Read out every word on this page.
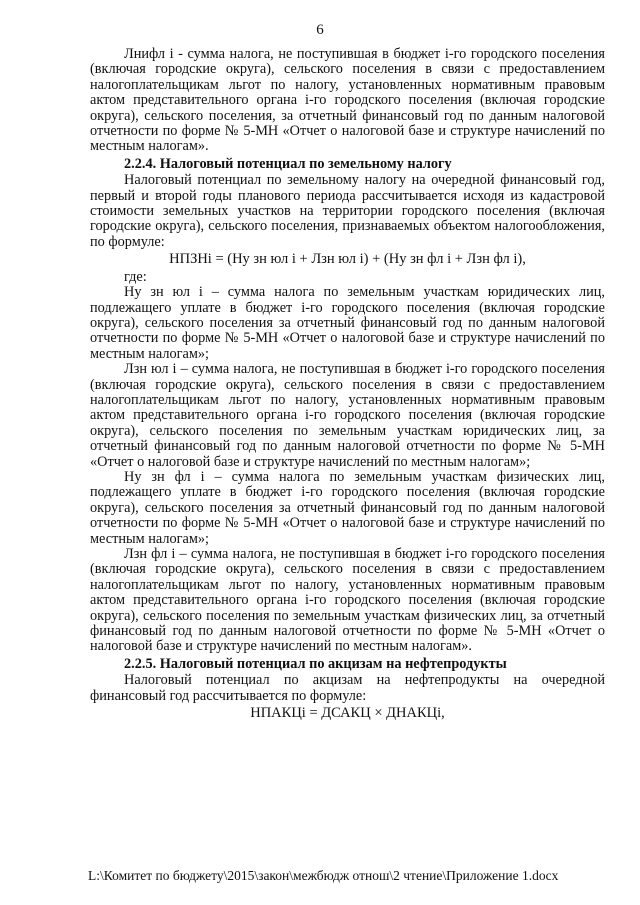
6

Лнифл i - сумма налога, не поступившая в бюджет i-го городского поселения (включая городские округа), сельского поселения в связи с предоставлением налогоплательщикам льгот по налогу, установленных нормативным правовым актом представительного органа i-го городского поселения (включая городские округа), сельского поселения, за отчетный финансовый год по данным налоговой отчетности по форме № 5-МН «Отчет о налоговой базе и структуре начислений по местным налогам».

2.2.4. Налоговый потенциал по земельному налогу

Налоговый потенциал по земельному налогу на очередной финансовый год, первый и второй годы планового периода рассчитывается исходя из кадастровой стоимости земельных участков на территории городского поселения (включая городские округа), сельского поселения, признаваемых объектом налогообложения, по формуле:

НПЗНi = (Ну зн юл i + Лзн юл i) + (Ну зн фл i + Лзн фл i),

где:

Ну зн юл i – сумма налога по земельным участкам юридических лиц, подлежащего уплате в бюджет i-го городского поселения (включая городские округа), сельского поселения за отчетный финансовый год по данным налоговой отчетности по форме № 5-МН «Отчет о налоговой базе и структуре начислений по местным налогам»;

Лзн юл i – сумма налога, не поступившая в бюджет i-го городского поселения (включая городские округа), сельского поселения в связи с предоставлением налогоплательщикам льгот по налогу, установленных нормативным правовым актом представительного органа i-го городского поселения (включая городские округа), сельского поселения по земельным участкам юридических лиц, за отчетный финансовый год по данным налоговой отчетности по форме № 5-МН «Отчет о налоговой базе и структуре начислений по местным налогам»;

Ну зн фл i – сумма налога по земельным участкам физических лиц, подлежащего уплате в бюджет i-го городского поселения (включая городские округа), сельского поселения за отчетный финансовый год по данным налоговой отчетности по форме № 5-МН «Отчет о налоговой базе и структуре начислений по местным налогам»;

Лзн фл i – сумма налога, не поступившая в бюджет i-го городского поселения (включая городские округа), сельского поселения в связи с предоставлением налогоплательщикам льгот по налогу, установленных нормативным правовым актом представительного органа i-го городского поселения (включая городские округа), сельского поселения по земельным участкам физических лиц, за отчетный финансовый год по данным налоговой отчетности по форме № 5-МН «Отчет о налоговой базе и структуре начислений по местным налогам».

2.2.5. Налоговый потенциал по акцизам на нефтепродукты

Налоговый потенциал по акцизам на нефтепродукты на очередной финансовый год рассчитывается по формуле:

НПАКЦi = ДСАКЦ × ДНАКЦi,

L:\Комитет по бюджету\2015\закон\межбюдж отнош\2 чтение\Приложение 1.docx
